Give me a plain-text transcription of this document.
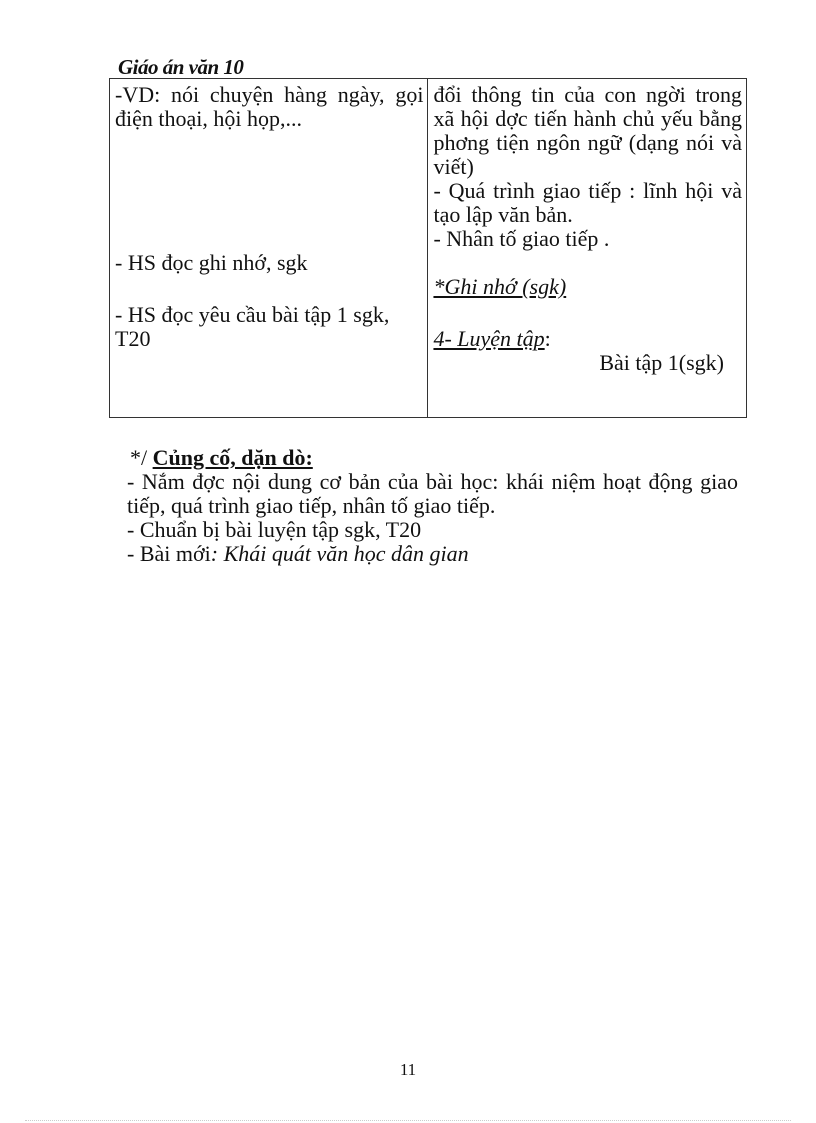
Giáo án văn 10
-VD: nói chuyện hàng ngày, gọi điện thoại, hội họp,...
- HS đọc ghi nhớ, sgk
- HS đọc yêu cầu bài tập 1 sgk, T20

đổi thông tin của con ngời trong xã hội dợc tiến hành chủ yếu bằng phơng tiện ngôn ngữ (dạng nói và viết)
- Quá trình giao tiếp : lĩnh hội và tạo lập văn bản.
- Nhân tố giao tiếp .
*Ghi nhớ (sgk)
4- Luyện tập:
Bài tập 1(sgk)
*/ Củng cố, dặn dò:
- Nắm đợc nội dung cơ bản của bài học: khái niệm hoạt động giao tiếp, quá trình giao tiếp, nhân tố giao tiếp.
- Chuẩn bị bài luyện tập sgk, T20
- Bài mới: Khái quát văn học dân gian
11
